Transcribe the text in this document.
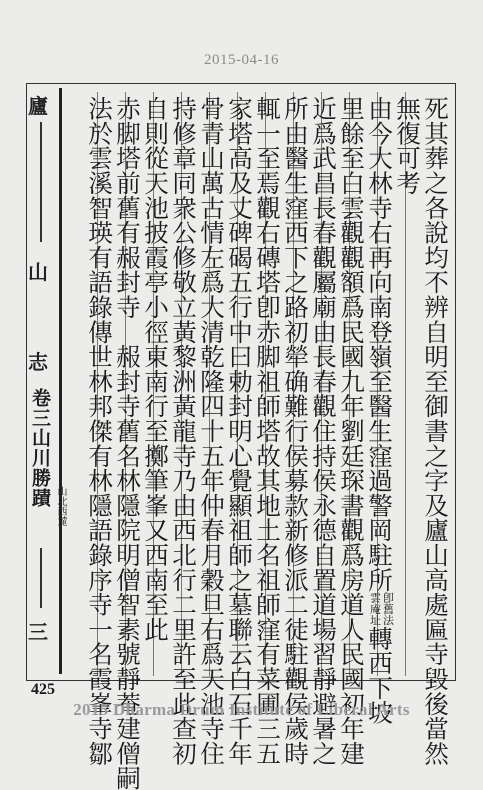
2015-04-16
廬
山
志
卷三山川勝蹟 山北西麓
三	死其葬之各說均不辨自明至御書之字及廬山高處匾寺毀後當然
無復可考
由今大林寺右再向南登嶺至醫生窪過警岡駐所
卽舊法
雲庵址
轉西下坡
里餘至白雲觀觀額爲民國九年劉廷琛書觀爲房道人民國初年建
近爲武昌長春觀屬廟由長春觀住持侯永德自置道場習靜避暑之
所由醫生窪西下之路初犖确難行侯募款新修派二徒駐觀侯歲時
輒一至焉觀右磚塔卽赤脚祖師塔故其地土名祖師窪有菜圃三五
家塔高及丈碑碣五行中曰勅封明心覺顯祖師之墓聯云白石千年
骨青山萬古情左爲大清乾隆四十五年仲春月穀旦右爲天池寺住
持修章同衆公修敬立黃黎洲黃龍寺乃由西北行二里許至此查初
自則從天池披霞亭小徑東南行至擲筆峯又西南至此
赤脚塔前舊有赧封寺　赧封寺舊名林隱院明僧智素號靜菴建僧嗣
法於雲溪智瑛有語錄傳世林邦傑有林隱語錄序寺一名霞峯寺鄒
425
2015 Dharma Drum Institute of Liberal Arts
